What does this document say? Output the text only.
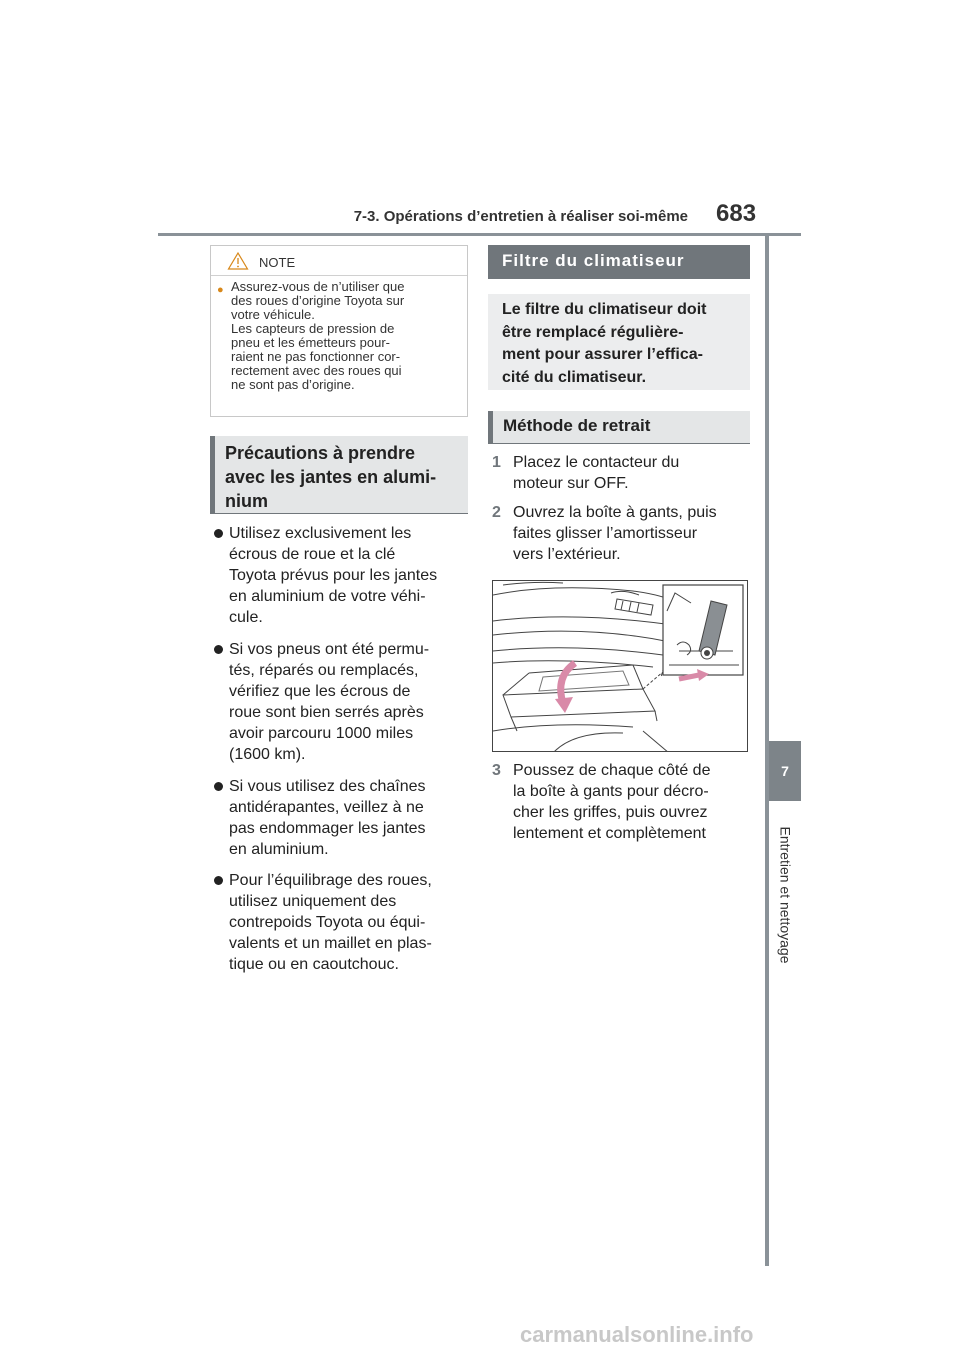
7-3. Opérations d’entretien à réaliser soi-même 683
7
Entretien et nettoyage
NOTE
● Assurez-vous de n’utiliser que
des roues d’origine Toyota sur
votre véhicule.
Les capteurs de pression de
pneu et les émetteurs pour-
raient ne pas fonctionner cor-
rectement avec des roues qui
ne sont pas d’origine.
Précautions à prendre
avec les jantes en alumi-
nium
Utilisez exclusivement les
écrous de roue et la clé
Toyota prévus pour les jantes
en aluminium de votre véhi-
cule.
Si vos pneus ont été permu-
tés, réparés ou remplacés,
vérifiez que les écrous de
roue sont bien serrés après
avoir parcouru 1000 miles
(1600 km).
Si vous utilisez des chaînes
antidérapantes, veillez à ne
pas endommager les jantes
en aluminium.
Pour l’équilibrage des roues,
utilisez uniquement des
contrepoids Toyota ou équi-
valents et un maillet en plas-
tique ou en caoutchouc.
Filtre du climatiseur
Le filtre du climatiseur doit
être remplacé régulière-
ment pour assurer l’effica-
cité du climatiseur.
Méthode de retrait
1 Placez le contacteur du
moteur sur OFF.
2 Ouvrez la boîte à gants, puis
faites glisser l’amortisseur
vers l’extérieur.
3 Poussez de chaque côté de
la boîte à gants pour décro-
cher les griffes, puis ouvrez
lentement et complètement
carmanualsonline.info
